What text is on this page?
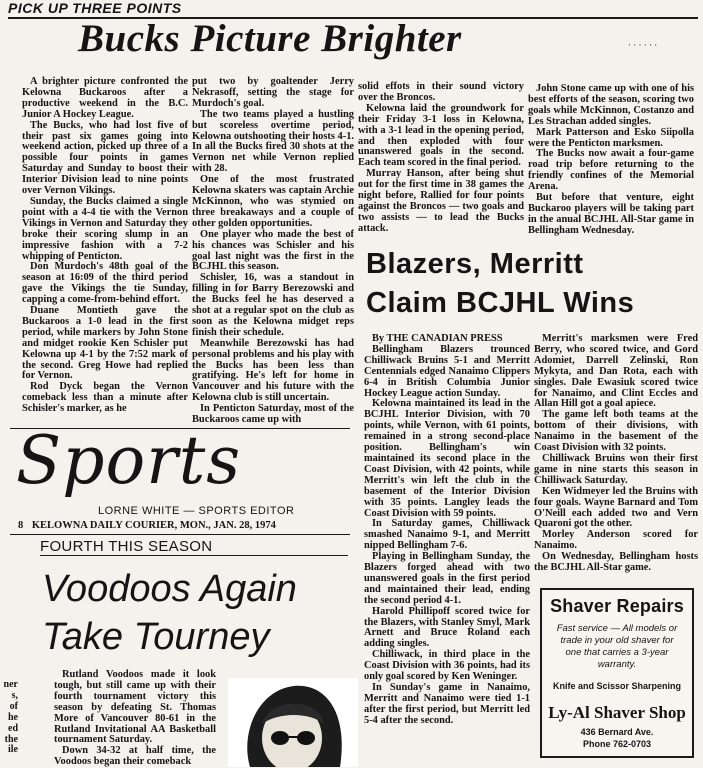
PICK UP THREE POINTS
Bucks Picture Brighter	· · · · · ·

A brighter picture confronted the Kelowna Buckaroos after a productive weekend in the B.C. Junior A Hockey League.

The Bucks, who had lost five of their past six games going into weekend action, picked up three of a possible four points in games Saturday and Sunday to boost their Interior Division lead to nine points over Vernon Vikings.

Sunday, the Bucks claimed a single point with a 4-4 tie with the Vernon Vikings in Vernon and Saturday they broke their scoring slump in an impressive fashion with a 7-2 whipping of Penticton.

Don Murdoch's 48th goal of the season at 16:09 of the third period gave the Vikings the tie Sunday, capping a come-from-behind effort.

Duane Montieth gave the Buckaroos a 1-0 lead in the first period, while markers by John Stone and midget rookie Ken Schisler put Kelowna up 4-1 by the 7:52 mark of the second. Greg Howe had replied for Vernon.

Rod Dyck began the Vernon comeback less than a minute after Schisler's marker, as he

put two by goaltender Jerry Nekrasoff, setting the stage for Murdoch's goal.

The two teams played a hustling but scoreless overtime period, Kelowna outshooting their hosts 4-1. In all the Bucks fired 30 shots at the Vernon net while Vernon replied with 28.

One of the most frustrated Kelowna skaters was captain Archie McKinnon, who was stymied on three breakaways and a couple of other golden opportunities.

One player who made the best of his chances was Schisler and his goal last night was the first in the BCJHL this season.

Schisler, 16, was a standout in filling in for Barry Berezowski and the Bucks feel he has deserved a shot at a regular spot on the club as soon as the Kelowna midget reps finish their schedule.

Meanwhile Berezowski has had personal problems and his play with the Bucks has been less than gratifying. He's left for home in Vancouver and his future with the Kelowna club is still uncertain.

In Penticton Saturday, most of the Buckaroos came up with

solid effots in their sound victory over the Broncos.

Kelowna laid the groundwork for their Friday 3-1 loss in Kelowna, with a 3-1 lead in the opening period, and then exploded with four unanswered goals in the second. Each team scored in the final period.

Murray Hanson, after being shut out for the first time in 38 games the night before, Rallied for four points against the Broncos — two goals and two assists — to lead the Bucks attack.

John Stone came up with one of his best efforts of the season, scoring two goals while McKinnon, Costanzo and Les Strachan added singles.

Mark Patterson and Esko Siipolla were the Penticton marksmen.

The Bucks now await a four-game road trip before returning to the friendly confines of the Memorial Arena.

But before that venture, eight Buckaroo players will be taking part in the anual BCJHL All-Star game in Bellingham Wednesday.

Blazers, Merritt
Claim BCJHL Wins

By THE CANADIAN PRESS

Bellingham Blazers trounced Chilliwack Bruins 5-1 and Merritt Centennials edged Nanaimo Clippers 6-4 in British Columbia Junior Hockey League action Sunday.

Kelowna maintained its lead in the BCJHL Interior Division, with 70 points, while Vernon, with 61 points, remained in a strong second-place position. Bellingham's win maintained its second place in the Coast Division, with 42 points, while Merritt's win left the club in the basement of the Interior Division with 35 points. Langley leads the Coast Division with 59 points.

In Saturday games, Chilliwack smashed Nanaimo 9-1, and Merritt nipped Bellingham 7-6.

Playing in Bellingham Sunday, the Blazers forged ahead with two unanswered goals in the first period and maintained their lead, ending the second period 4-1.

Harold Phillipoff scored twice for the Blazers, with Stanley Smyl, Mark Arnett and Bruce Roland each adding singles.

Chilliwack, in third place in the Coast Division with 36 points, had its only goal scored by Ken Weninger.

In Sunday's game in Nanaimo, Merritt and Nanaimo were tied 1-1 after the first period, but Merritt led 5-4 after the second.

Merritt's marksmen were Fred Berry, who scored twice, and Gord Adomiet, Darrell Zelinski, Ron Mykyta, and Dan Rota, each with singles. Dale Ewasiuk scored twice for Nanaimo, and Clint Eccles and Allan Hill got a goal apiece.

The game left both teams at the bottom of their divisions, with Nanaimo in the basement of the Coast Division with 32 points.

Chilliwack Bruins won their first game in nine starts this season in Chilliwack Saturday.

Ken Widmeyer led the Bruins with four goals. Wayne Barnard and Tom O'Neill each added two and Vern Quaroni got the other.

Morley Anderson scored for Nanaimo.

On Wednesday, Bellingham hosts the BCJHL All-Star game.

Sports
LORNE WHITE — SPORTS EDITOR
8 KELOWNA DAILY COURIER, MON., JAN. 28, 1974
FOURTH THIS SEASON
Voodoos Again
Take Tourney

Rutland Voodoos made it look tough, but still came up with their fourth tournament victory this season by defeating St. Thomas More of Vancouver 80-61 in the Rutland Invitational AA Basketball tournament Saturday.

Down 34-32 at half time, the Voodoos began their comeback

ner
s,
of
he
ed
the
ile
Shaver Repairs
Fast service — All models or trade in your old shaver for one that carries a 3-year warranty.
Knife and Scissor Sharpening
Ly-Al Shaver Shop
436 Bernard Ave.
Phone 762-0703
